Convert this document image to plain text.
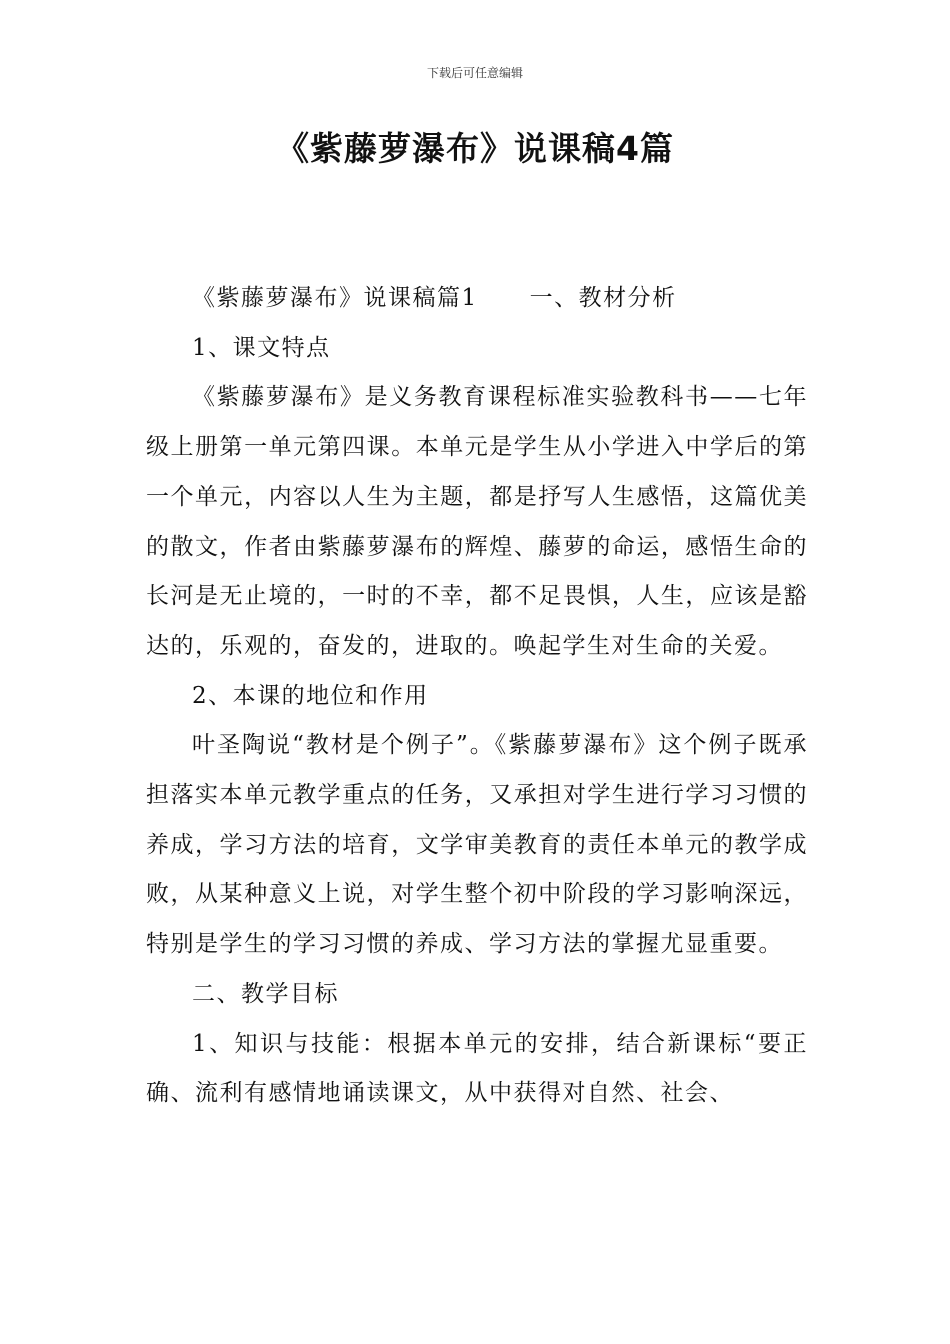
下载后可任意编辑
《紫藤萝瀑布》说课稿4篇

《紫藤萝瀑布》说课稿篇1 一、教材分析

1、课文特点

《紫藤萝瀑布》是义务教育课程标准实验教科书——七年级上册第一单元第四课。本单元是学生从小学进入中学后的第一个单元，内容以人生为主题，都是抒写人生感悟，这篇优美的散文，作者由紫藤萝瀑布的辉煌、藤萝的命运，感悟生命的长河是无止境的，一时的不幸，都不足畏惧，人生，应该是豁达的，乐观的，奋发的，进取的。唤起学生对生命的关爱。

2、本课的地位和作用

叶圣陶说“教材是个例子”。《紫藤萝瀑布》这个例子既承担落实本单元教学重点的任务，又承担对学生进行学习习惯的养成，学习方法的培育，文学审美教育的责任本单元的教学成败，从某种意义上说，对学生整个初中阶段的学习影响深远，特别是学生的学习习惯的养成、学习方法的掌握尤显重要。

二、教学目标

1、知识与技能：根据本单元的安排，结合新课标“要正确、流利有感情地诵读课文，从中获得对自然、社会、
